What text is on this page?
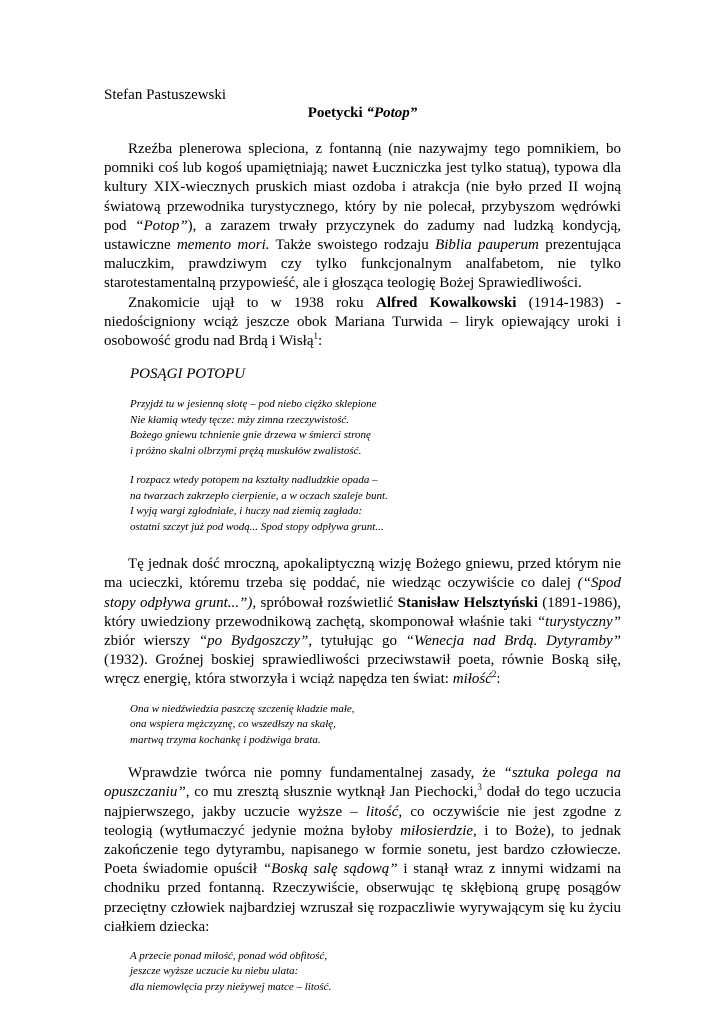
Stefan Pastuszewski

Poetycki “Potop”

Rzeźba plenerowa spleciona, z fontanną (nie nazywajmy tego pomnikiem, bo pomniki coś lub kogoś upamiętniają; nawet Łuczniczka jest tylko statuą), typowa dla kultury XIX-wiecznych pruskich miast ozdoba i atrakcja (nie było przed II wojną światową przewodnika turystycznego, który by nie polecał, przybyszom wędrówki pod “Potop”), a zarazem trwały przyczynek do zadumy nad ludzką kondycją, ustawiczne memento mori. Także swoistego rodzaju Biblia pauperum prezentująca maluczkim, prawdziwym czy tylko funkcjonalnym analfabetom, nie tylko starotestamentalną przypowieść, ale i głosząca teologię Bożej Sprawiedliwości.

Znakomicie ujął to w 1938 roku Alfred Kowalkowski (1914-1983) - niedościgniony wciąż jeszcze obok Mariana Turwida – liryk opiewający uroki i osobowość grodu nad Brdą i Wisłą$^1$:

POSĄGI POTOPU

Przyjdź tu w jesienną słotę – pod niebo ciężko sklepione
Nie kłamią wtedy tęcze: mży zimna rzeczywistość.
Bożego gniewu tchnienie gnie drzewa w śmierci stronę
i próżno skalni olbrzymi prężą muskułów zwalistość.
I rozpacz wtedy potopem na kształty nadludzkie opada –
na twarzach zakrzepło cierpienie, a w oczach szaleje bunt.
I wyją wargi zgłodniałe, i huczy nad ziemią zagłada:
ostatni szczyt już pod wodą... Spod stopy odpływa grunt...

Tę jednak dość mroczną, apokaliptyczną wizję Bożego gniewu, przed którym nie ma ucieczki, któremu trzeba się poddać, nie wiedząc oczywiście co dalej (“Spod stopy odpływa grunt...”), spróbował rozświetlić Stanisław Helsztyński (1891-1986), który uwiedziony przewodnikową zachętą, skomponował właśnie taki “turystyczny” zbiór wierszy “po Bydgoszczy”, tytułując go “Wenecja nad Brdą. Dytyramby” (1932). Groźnej boskiej sprawiedliwości przeciwstawił poeta, równie Boską siłę, wręcz energię, która stworzyła i wciąż napędza ten świat: miłość$^2$:

Ona w niedźwiedzia paszczę szczenię kładzie małe,
ona wspiera mężczyznę, co wszedłszy na skałę,
martwą trzyma kochankę i podźwiga brata.

Wprawdzie twórca nie pomny fundamentalnej zasady, że “sztuka polega na opuszczaniu”, co mu zresztą słusznie wytknął Jan Piechocki,$^3$ dodał do tego uczucia najpierwszego, jakby uczucie wyższe – litość, co oczywiście nie jest zgodne z teologią (wytłumaczyć jedynie można byłoby miłosierdzie, i to Boże), to jednak zakończenie tego dytyrambu, napisanego w formie sonetu, jest bardzo człowiecze. Poeta świadomie opuścił “Boską salę sądową” i stanął wraz z innymi widzami na chodniku przed fontanną. Rzeczywiście, obserwując tę skłębioną grupę posągów przeciętny człowiek najbardziej wzruszał się rozpaczliwie wyrywającym się ku życiu ciałkiem dziecka:

A przecie ponad miłość, ponad wód obfitość,
jeszcze wyższe uczucie ku niebu ulata:
dla niemowlęcia przy nieżywej matce – litość.
